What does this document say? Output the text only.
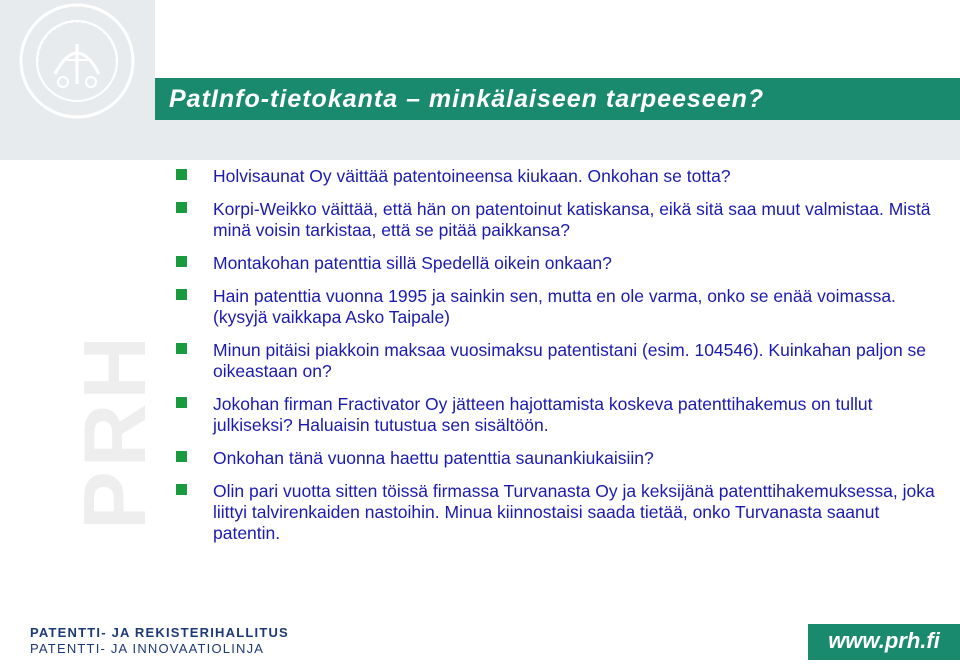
PatInfo-tietokanta – minkälaiseen tarpeeseen?
PRH
Holvisaunat Oy väittää patentoineensa kiukaan. Onkohan se totta?
Korpi-Weikko väittää, että hän on patentoinut katiskansa, eikä sitä saa muut valmistaa. Mistä minä voisin tarkistaa, että se pitää paikkansa?
Montakohan patenttia sillä Spedellä oikein onkaan?
Hain patenttia vuonna 1995 ja sainkin sen, mutta en ole varma, onko se enää voimassa. (kysyjä vaikkapa Asko Taipale)
Minun pitäisi piakkoin maksaa vuosimaksu patentistani (esim. 104546). Kuinkahan paljon se oikeastaan on?
Jokohan firman Fractivator Oy jätteen hajottamista koskeva patenttihakemus on tullut julkiseksi? Haluaisin tutustua sen sisältöön.
Onkohan tänä vuonna haettu patenttia saunankiukaisiin?
Olin pari vuotta sitten töissä firmassa Turvanasta Oy ja keksijänä patenttihakemuksessa, joka liittyi talvirenkaiden nastoihin. Minua kiinnostaisi saada tietää, onko Turvanasta saanut patentin.
PATENTTI- JA REKISTERIHALLITUS
PATENTTI- JA INNOVAATIOLINJA	www.prh.fi
